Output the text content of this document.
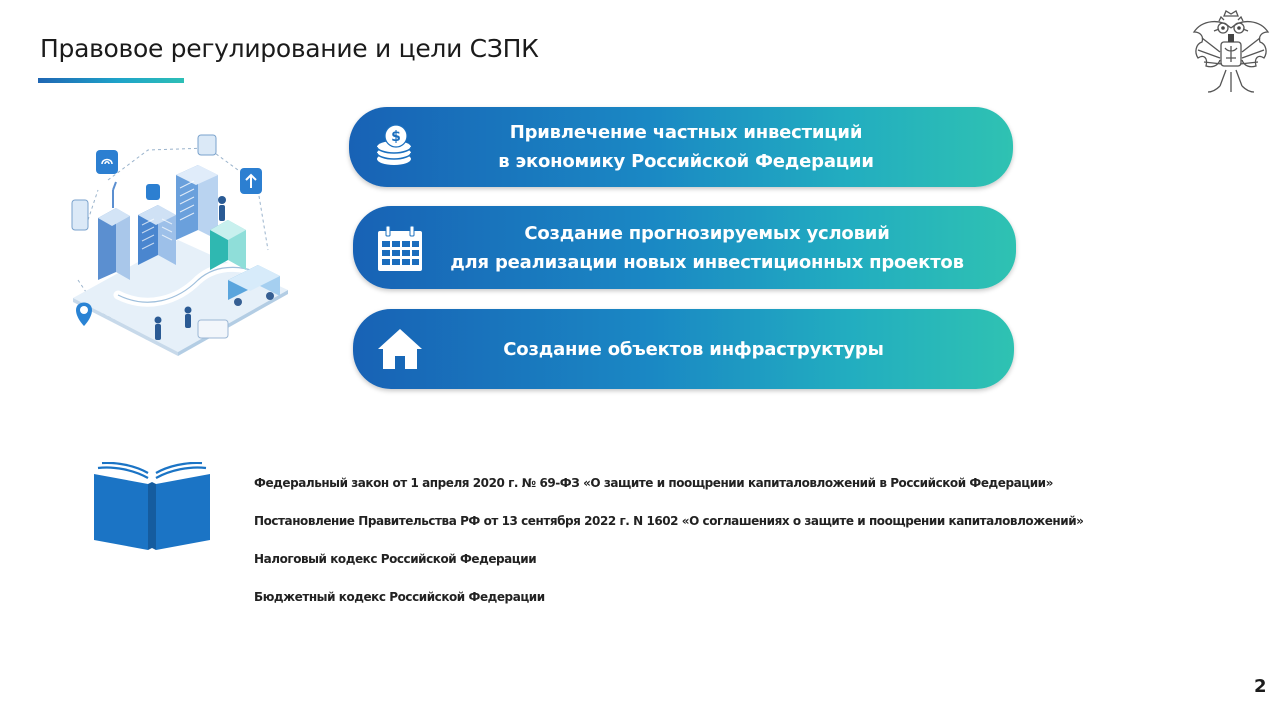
Правовое регулирование и цели СЗПК
$	Привлечение частных инвестиций
в экономику Российской Федерации
Создание прогнозируемых условий
для реализации новых инвестиционных проектов
Создание объектов инфраструктуры
Федеральный закон от 1 апреля 2020 г. № 69-ФЗ «О защите и поощрении капиталовложений в Российской Федерации»
Постановление Правительства РФ от 13 сентября 2022 г. N 1602 «О соглашениях о защите и поощрении капиталовложений»
Налоговый кодекс Российской Федерации
Бюджетный кодекс Российской Федерации
2
